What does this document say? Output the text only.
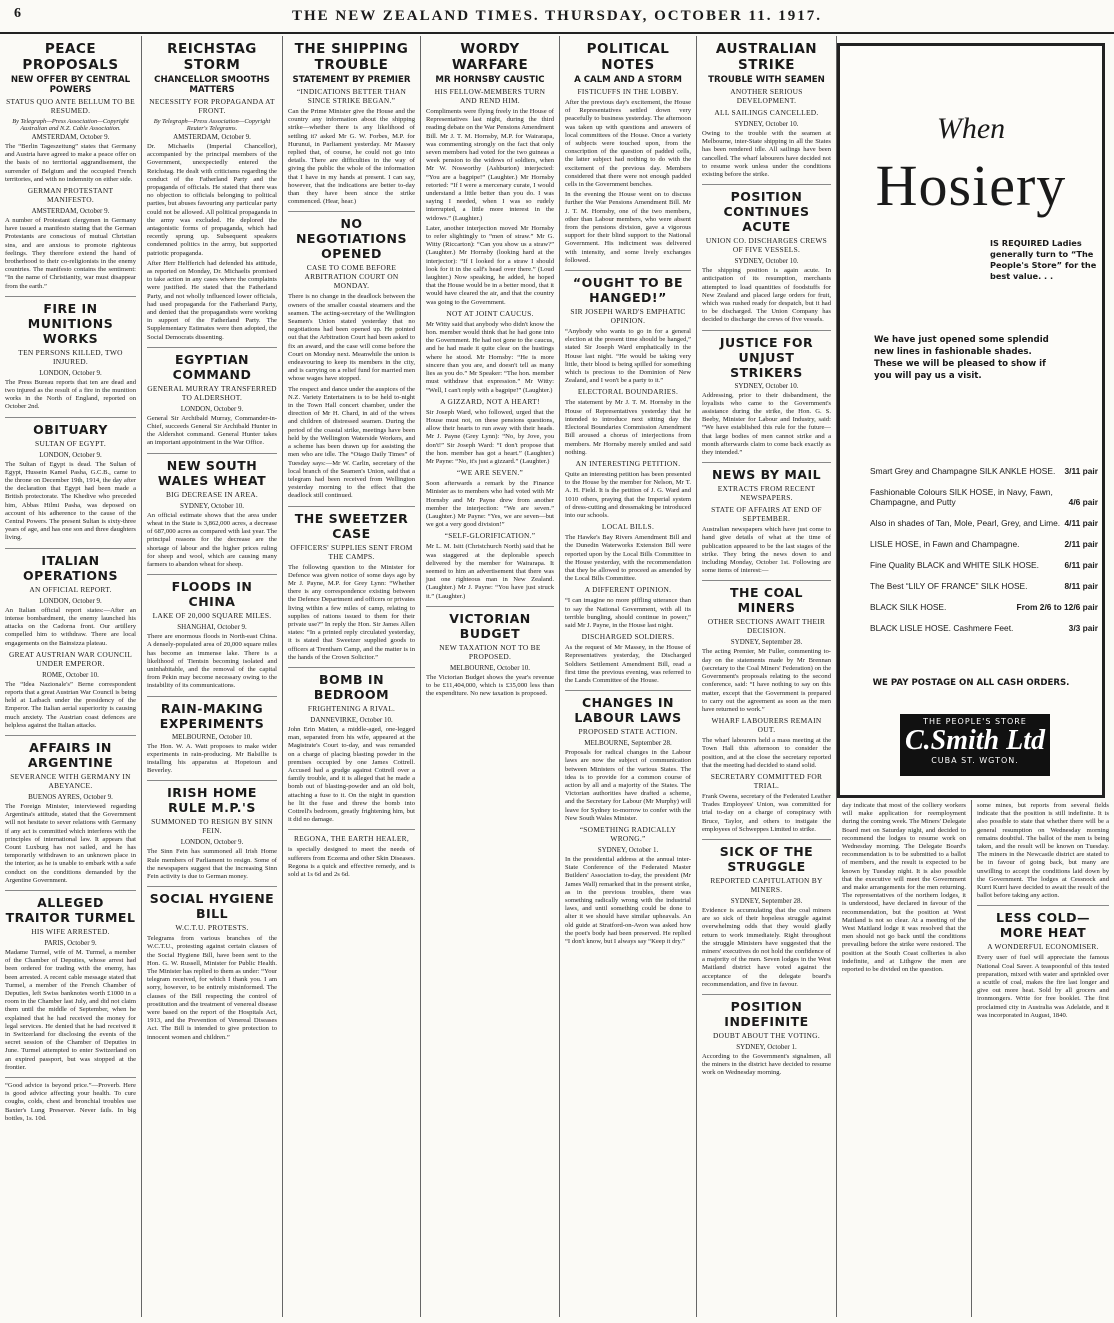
6	THE NEW ZEALAND TIMES. THURSDAY, OCTOBER 11. 1917.
PEACE PROPOSALS
NEW OFFER BY CENTRAL POWERS
STATUS QUO ANTE BELLUM TO BE RESUMED.
By Telegraph—Press Association—Copyright Australian and N.Z. Cable Association.
AMSTERDAM, October 9.

The “Berlin Tageszeitung” states that Germany and Austria have agreed to make a peace offer on the basis of no territorial aggrandisement, the surrender of Belgium and the occupied French territories, and with no indemnity on either side.

GERMAN PROTESTANT MANIFESTO.
AMSTERDAM, October 9.

A number of Protestant clergymen in Germany have issued a manifesto stating that the German Protestants are conscious of mutual Christian sins, and are anxious to promote righteous feelings. They therefore extend the hand of brotherhood to their co-religionists in the enemy countries. The manifesto contains the sentiment: “In the name of Christianity, war must disappear from the earth.”

FIRE IN MUNITIONS WORKS
TEN PERSONS KILLED, TWO INJURED.
LONDON, October 9.

The Press Bureau reports that ten are dead and two injured as the result of a fire in the munition works in the North of England, reported on October 2nd.

OBITUARY
SULTAN OF EGYPT.
LONDON, October 9.

The Sultan of Egypt is dead. The Sultan of Egypt, Hussein Kamel Pasha, G.C.B., came to the throne on December 19th, 1914, the day after the declaration that Egypt had been made a British protectorate. The Khedive who preceded him, Abbas Hilmi Pasha, was deposed on account of his adherence to the cause of the Central Powers. The present Sultan is sixty-three years of age, and has one son and three daughters living.

ITALIAN OPERATIONS
AN OFFICIAL REPORT.
LONDON, October 9.

An Italian official report states:—After an intense bombardment, the enemy launched his attacks on the Cadorna front. Our artillery compelled him to withdraw. There are local engagements on the Bainsizza plateau.

GREAT AUSTRIAN WAR COUNCIL UNDER EMPEROR.
ROME, October 10.

The “Idea Nazionale's” Berne correspondent reports that a great Austrian War Council is being held at Laibach under the presidency of the Emperor. The Italian aerial superiority is causing much anxiety. The Austrian coast defences are helpless against the Italian attacks.

AFFAIRS IN ARGENTINE
SEVERANCE WITH GERMANY IN ABEYANCE.
BUENOS AYRES, October 9.

The Foreign Minister, interviewed regarding Argentina's attitude, stated that the Government will not hesitate to sever relations with Germany if any act is committed which interferes with the principles of international law. It appears that Count Luxburg has not sailed, and he has temporarily withdrawn to an unknown place in the interior, as he is unable to embark with a safe conduct on the conditions demanded by the Argentine Government.

ALLEGED TRAITOR TURMEL
HIS WIFE ARRESTED.
PARIS, October 9.

Madame Turmel, wife of M. Turmel, a member of the Chamber of Deputies, whose arrest had been ordered for trading with the enemy, has been arrested. A recent cable message stated that Turmel, a member of the French Chamber of Deputies, left Swiss banknotes worth £1000 in a room in the Chamber last July, and did not claim them until the middle of September, when he explained that he had received the money for legal services. He denied that he had received it in Switzerland for disclosing the events of the secret session of the Chamber of Deputies in June. Turmel attempted to enter Switzerland on an expired passport, but was stopped at the frontier.

“Good advice is beyond price.”—Proverb. Here is good advice affecting your health. To cure coughs, colds, chest and bronchial troubles use Baxter's Lung Preserver. Never fails. In big bottles, 1s. 10d.

REICHSTAG STORM
CHANCELLOR SMOOTHS MATTERS
NECESSITY FOR PROPAGANDA AT FRONT.
By Telegraph—Press Association—Copyright Reuter's Telegrams.
AMSTERDAM, October 9.

Dr. Michaelis (Imperial Chancellor), accompanied by the principal members of the Government, unexpectedly entered the Reichstag. He dealt with criticisms regarding the conduct of the Fatherland Party and the propaganda of officials. He stated that there was no objection to officials belonging to political parties, but abuses favouring any particular party could not be allowed. All political propaganda in the army was excluded. He deplored the antagonistic forms of propaganda, which had recently sprung up. Subsequent speakers condemned politics in the army, but supported patriotic propaganda.

After Herr Helfferich had defended his attitude, as reported on Monday, Dr. Michaelis promised to take action in any cases where the complaints were justified. He stated that the Fatherland Party, and not wholly influenced lower officials, had used propaganda for the Fatherland Party, and denied that the propagandists were working in support of the Fatherland Party. The Supplementary Estimates were then adopted, the Social Democrats dissenting.

EGYPTIAN COMMAND
GENERAL MURRAY TRANSFERRED TO ALDERSHOT.
LONDON, October 9.

General Sir Archibald Murray, Commander-in-Chief, succeeds General Sir Archibald Hunter in the Aldershot command. General Hunter takes an important appointment in the War Office.

NEW SOUTH WALES WHEAT
BIG DECREASE IN AREA.
SYDNEY, October 10.

An official estimate shows that the area under wheat in the State is 3,862,000 acres, a decrease of 687,000 acres as compared with last year. The principal reasons for the decrease are the shortage of labour and the higher prices ruling for sheep and wool, which are causing many farmers to abandon wheat for sheep.

FLOODS IN CHINA
LAKE OF 20,000 SQUARE MILES.
SHANGHAI, October 9.

There are enormous floods in North-east China. A densely-populated area of 20,000 square miles has become an immense lake. There is a likelihood of Tientsin becoming isolated and uninhabitable, and the removal of the capital from Pekin may become necessary owing to the instability of its communications.

RAIN-MAKING EXPERIMENTS
MELBOURNE, October 10.

The Hon. W. A. Watt proposes to make wider experiments in rain-producing. Mr Balsillie is installing his apparatus at Hopetoun and Beverley.

IRISH HOME RULE M.P.'S
SUMMONED TO RESIGN BY SINN FEIN.
LONDON, October 9.

The Sinn Fein has summoned all Irish Home Rule members of Parliament to resign. Some of the newspapers suggest that the increasing Sinn Fein activity is due to German money.

SOCIAL HYGIENE BILL
W.C.T.U. PROTESTS.

Telegrams from various branches of the W.C.T.U., protesting against certain clauses of the Social Hygiene Bill, have been sent to the Hon. G. W. Russell, Minister for Public Health. The Minister has replied to them as under: “Your telegram received, for which I thank you. I am sorry, however, to be entirely misinformed. The clauses of the Bill respecting the control of prostitution and the treatment of venereal disease were based on the report of the Hospitals Act, 1913, and the Prevention of Venereal Diseases Act. The Bill is intended to give protection to innocent women and children.”

THE SHIPPING TROUBLE
STATEMENT BY PREMIER
“INDICATIONS BETTER THAN SINCE STRIKE BEGAN.”

Can the Prime Minister give the House and the country any information about the shipping strike—whether there is any likelihood of settling it? asked Mr G. W. Forbes, M.P. for Hurunui, in Parliament yesterday. Mr Massey replied that, of course, he could not go into details. There are difficulties in the way of giving the public the whole of the information that I have in my hands at present. I can say, however, that the indications are better to-day than they have been since the strike commenced. (Hear, hear.)

NO NEGOTIATIONS OPENED
CASE TO COME BEFORE ARBITRATION COURT ON MONDAY.

There is no change in the deadlock between the owners of the smaller coastal steamers and the seamen. The acting-secretary of the Wellington Seamen's Union stated yesterday that no negotiations had been opened up. He pointed out that the Arbitration Court had been asked to fix an award, and the case will come before the Court on Monday next. Meanwhile the union is endeavouring to keep its members in the city, and is carrying on a relief fund for married men whose wages have stopped.

The respect and dance under the auspices of the N.Z. Variety Entertainers is to be held to-night in the Town Hall concert chamber, under the direction of Mr H. Chard, in aid of the wives and children of distressed seamen. During the period of the coastal strike, meetings have been held by the Wellington Waterside Workers, and a scheme has been drawn up for assisting the men who are idle. The “Otago Daily Times” of Tuesday says:—Mr W. Carlin, secretary of the local branch of the Seamen's Union, said that a telegram had been received from Wellington yesterday morning to the effect that the deadlock still continued.

THE SWEETZER CASE
OFFICERS' SUPPLIES SENT FROM THE CAMPS.

The following question to the Minister for Defence was given notice of some days ago by Mr J. Payne, M.P. for Grey Lynn: “Whether there is any correspondence existing between the Defence Department and officers or privates living within a few miles of camp, relating to supplies of rations issued to them for their private use?” In reply the Hon. Sir James Allen states: “In a printed reply circulated yesterday, it is stated that Sweetzer supplied goods to officers at Trentham Camp, and the matter is in the hands of the Crown Solicitor.”

BOMB IN BEDROOM
FRIGHTENING A RIVAL.
DANNEVIRKE, October 10.

John Erin Matten, a middle-aged, one-legged man, separated from his wife, appeared at the Magistrate's Court to-day, and was remanded on a charge of placing blasting powder in the premises occupied by one James Cottrell. Accused had a grudge against Cottrell over a family trouble, and it is alleged that he made a bomb out of blasting-powder and an old bolt, attaching a fuse to it. On the night in question he lit the fuse and threw the bomb into Cottrell's bedroom, greatly frightening him, but it did no damage.

REGONA, THE EARTH HEALER,

is specially designed to meet the needs of sufferers from Eczema and other Skin Diseases. Regona is a quick and effective remedy, and is sold at 1s 6d and 2s 6d.

WORDY WARFARE
MR HORNSBY CAUSTIC
HIS FELLOW-MEMBERS TURN AND REND HIM.

Compliments were flying freely in the House of Representatives last night, during the third reading debate on the War Pensions Amendment Bill. Mr J. T. M. Hornsby, M.P. for Wairarapa, was commenting strongly on the fact that only seven members had voted for the two guineas a week pension to the widows of soldiers, when Mr W. Nosworthy (Ashburton) interjected: “You are a bagpipe!” (Laughter.) Mr Hornsby retorted: “If I were a mercenary curate, I would understand a little better than you do. I was saying I needed, when I was so rudely interrupted, a little more interest in the widows.” (Laughter.)

Later, another interjection moved Mr Hornsby to refer slightingly to “men of straw.” Mr G. Witty (Riccarton): “Can you show us a straw?” (Laughter.) Mr Hornsby (looking hard at the interjector): “If I looked for a straw I should look for it in the calf's head over there.” (Loud laughter.) Now speaking, he added, he hoped that the House would be in a better mood, that it would have cleared the air, and that the country was going to the Government.

NOT AT JOINT CAUCUS.

Mr Witty said that anybody who didn't know the hon. member would think that he had gone into the Government. He had not gone to the caucus, and he had made it quite clear on the hustings where he stood. Mr Hornsby: “He is more sincere than you are, and doesn't tell as many lies as you do.” Mr Speaker: “The hon. member must withdraw that expression.” Mr Witty: “Well, I can't reply with a bagpipe!” (Laughter.)

A GIZZARD, NOT A HEART!

Sir Joseph Ward, who followed, urged that the House must not, on these pensions questions, allow their hearts to run away with their heads. Mr J. Payne (Grey Lynn): “No, by Jove, you don't!” Sir Joseph Ward: “I don't propose that the hon. member has got a heart.” (Laughter.) Mr Payne: “No, it's just a gizzard.” (Laughter.)

“WE ARE SEVEN.”

Soon afterwards a remark by the Finance Minister as to members who had voted with Mr Hornsby and Mr Payne drew from another member the interjection: “We are seven.” (Laughter.) Mr Payne: “Yes, we are seven—but we got a very good division!”

“SELF-GLORIFICATION.”

Mr L. M. Isitt (Christchurch North) said that he was staggered at the deplorable speech delivered by the member for Wairarapa. It seemed to him an advertisement that there was just one righteous man in New Zealand. (Laughter.) Mr J. Payne: “You have just struck it.” (Laughter.)

VICTORIAN BUDGET
NEW TAXATION NOT TO BE PROPOSED.
MELBOURNE, October 10.

The Victorian Budget shows the year's revenue to be £11,404,000, which is £35,000 less than the expenditure. No new taxation is proposed.

POLITICAL NOTES
A CALM AND A STORM
FISTICUFFS IN THE LOBBY.

After the previous day's excitement, the House of Representatives settled down very peacefully to business yesterday. The afternoon was taken up with questions and answers of local committees of the House. Once a variety of subjects were touched upon, from the conscription of the question of padded cells, the latter subject had nothing to do with the excitement of the previous day. Members considered that there were not enough padded cells in the Government benches.

In the evening the House went on to discuss further the War Pensions Amendment Bill. Mr J. T. M. Hornsby, one of the two members, other than Labour members, who were absent from the pensions division, gave a vigorous support for their blind support to the National Government. His indictment was delivered with intensity, and some lively exchanges followed.

“OUGHT TO BE HANGED!”
SIR JOSEPH WARD'S EMPHATIC OPINION.

“Anybody who wants to go in for a general election at the present time should be hanged,” stated Sir Joseph Ward emphatically in the House last night. “He would be taking very little, their blood is being spilled for something which is precious to the Dominion of New Zealand, and I won't be a party to it.”

ELECTORAL BOUNDARIES.

The statement by Mr J. T. M. Hornsby in the House of Representatives yesterday that he intended to introduce next sitting day the Electoral Boundaries Commission Amendment Bill aroused a chorus of interjections from members. Mr Hornsby merely smiled and said nothing.

AN INTERESTING PETITION.

Quite an interesting petition has been presented to the House by the member for Nelson, Mr T. A. H. Field. It is the petition of J. G. Ward and 1010 others, praying that the Imperial system of dress-cutting and dressmaking be introduced into our schools.

LOCAL BILLS.

The Hawke's Bay Rivers Amendment Bill and the Dunedin Waterworks Extension Bill were reported upon by the Local Bills Committee in the House yesterday, with the recommendation that they be allowed to proceed as amended by the Local Bills Committee.

A DIFFERENT OPINION.

“I can imagine no more piffling utterance than to say the National Government, with all its terrible bungling, should continue in power,” said Mr J. Payne, in the House last night.

DISCHARGED SOLDIERS.

As the request of Mr Massey, in the House of Representatives yesterday, the Discharged Soldiers Settlement Amendment Bill, read a first time the previous evening, was referred to the Lands Committee of the House.

CHANGES IN LABOUR LAWS
PROPOSED STATE ACTION.
MELBOURNE, September 28.

Proposals for radical changes in the Labour laws are now the subject of communication between Ministers of the various States. The idea is to provide for a common course of action by all and a majority of the States. The Victorian authorities have drafted a scheme, and the Secretary for Labour (Mr Murphy) will leave for Sydney to-morrow to confer with the New South Wales Minister.

“SOMETHING RADICALLY WRONG.”
SYDNEY, October 1.

In the presidential address at the annual inter-State Conference of the Federated Master Builders' Association to-day, the president (Mr James Wall) remarked that in the present strike, as in the previous troubles, there was something radically wrong with the industrial laws, and until something could be done to alter it we should have similar upheavals. An old guide at Stratford-on-Avon was asked how the poet's body had been preserved. He replied “I don't know, but I always say “Keep it dry.”

AUSTRALIAN STRIKE
TROUBLE WITH SEAMEN
ANOTHER SERIOUS DEVELOPMENT.
ALL SAILINGS CANCELLED.
SYDNEY, October 10.

Owing to the trouble with the seamen at Melbourne, inter-State shipping in all the States has been rendered idle. All sailings have been cancelled. The wharf labourers have decided not to resume work unless under the conditions existing before the strike.

POSITION CONTINUES ACUTE
UNION CO. DISCHARGES CREWS OF FIVE VESSELS.
SYDNEY, October 10.

The shipping position is again acute. In anticipation of its resumption, merchants attempted to load quantities of foodstuffs for New Zealand and placed large orders for fruit, which was rushed ready for despatch, but it had to be discharged. The Union Company has decided to discharge the crews of five vessels.

JUSTICE FOR UNJUST STRIKERS
SYDNEY, October 10.

Addressing, prior to their disbandment, the loyalists who came to the Government's assistance during the strike, the Hon. G. S. Beeby, Minister for Labour and Industry, said: “We have established this rule for the future—that large bodies of men cannot strike and a month afterwards claim to come back exactly as they intended.”

NEWS BY MAIL
EXTRACTS FROM RECENT NEWSPAPERS.
STATE OF AFFAIRS AT END OF SEPTEMBER.

Australian newspapers which have just come to hand give details of what at the time of publication appeared to be the last stages of the strike. They bring the news down to and including Monday, October 1st. Following are some items of interest:—

THE COAL MINERS
OTHER SECTIONS AWAIT THEIR DECISION.
SYDNEY, September 28.

The acting Premier, Mr Fuller, commenting to-day on the statements made by Mr Brennan (secretary to the Coal Miners' Federation) on the Government's proposals relating to the second conference, said: “I have nothing to say on this matter, except that the Government is prepared to carry out the agreement as soon as the men have returned to work.”

WHARF LABOURERS REMAIN OUT.

The wharf labourers held a mass meeting at the Town Hall this afternoon to consider the position, and at the close the secretary reported that the meeting had decided to stand solid.

SECRETARY COMMITTED FOR TRIAL.

Frank Owens, secretary of the Federated Leather Trades Employees' Union, was committed for trial to-day on a charge of conspiracy with Bruce, Taylor, and others to instigate the employees of Schweppes Limited to strike.

SICK OF THE STRUGGLE
REPORTED CAPITULATION BY MINERS.
SYDNEY, September 28.

Evidence is accumulating that the coal miners are so sick of their hopeless struggle against overwhelming odds that they would gladly return to work immediately. Right throughout the struggle Ministers have suggested that the miners' executives do not hold the confidence of a majority of the men. Seven lodges in the West Maitland district have voted against the acceptance of the delegate board's recommendation, and five in favour.

POSITION INDEFINITE
DOUBT ABOUT THE VOTING.
SYDNEY, October 1.

According to the Government's signalmen, all the miners in the district have decided to resume work on Wednesday morning.

When
Hosiery
IS REQUIRED Ladies generally turn to “The People's Store” for the best value. . .
We have just opened some splendid new lines in fashionable shades. These we will be pleased to show if you will pay us a visit.
Smart Grey and Champagne SILK ANKLE HOSE. 3/11 pair
Fashionable Colours SILK HOSE, in Navy, Fawn, Champagne, and Putty	4/6 pair
Also in shades of Tan, Mole, Pearl, Grey, and Lime. 4/11 pair
LISLE HOSE, in Fawn and Champagne.	2/11 pair
Fine Quality BLACK and WHITE SILK HOSE.	6/11 pair
The Best “LILY OF FRANCE” SILK HOSE.	8/11 pair
BLACK SILK HOSE.	From 2/6 to 12/6 pair
BLACK LISLE HOSE. Cashmere Feet.	3/3 pair
WE PAY POSTAGE ON ALL CASH ORDERS.
THE PEOPLE'S STORE
C.Smith Ltd
CUBA ST. WGTON.

day indicate that most of the colliery workers will make application for reemployment during the coming week. The Miners' Delegate Board met on Saturday night, and decided to recommend the lodges to resume work on Wednesday morning. The Delegate Board's recommendation is to be submitted to a ballot of members, and the result is expected to be known by Tuesday night. It is also possible that the executive will meet the Government and make arrangements for the men returning. The representatives of the northern lodges, it is understood, have declared in favour of the recommendation, but the position at West Maitland is not so clear. At a meeting of the West Maitland lodge it was resolved that the men should not go back until the conditions prevailing before the strike were restored. The position at the South Coast collieries is also indefinite, and at Lithgow the men are reported to be divided on the question.

some mines, but reports from several fields indicate that the position is still indefinite. It is also possible to state that whether there will be a general resumption on Wednesday morning remains doubtful. The ballot of the men is being taken, and the result will be known on Tuesday. The miners in the Newcastle district are stated to be in favour of going back, but many are unwilling to accept the conditions laid down by the Government. The lodges at Cessnock and Kurri Kurri have decided to await the result of the ballot before taking any action.

LESS COLD—MORE HEAT
A WONDERFUL ECONOMISER.

Every user of fuel will appreciate the famous National Coal Saver. A teaspoonful of this tested preparation, mixed with water and sprinkled over a scuttle of coal, makes the fire last longer and give out more heat. Sold by all grocers and ironmongers. Write for free booklet. The first proclaimed city in Australia was Adelaide, and it was incorporated in August, 1840.
